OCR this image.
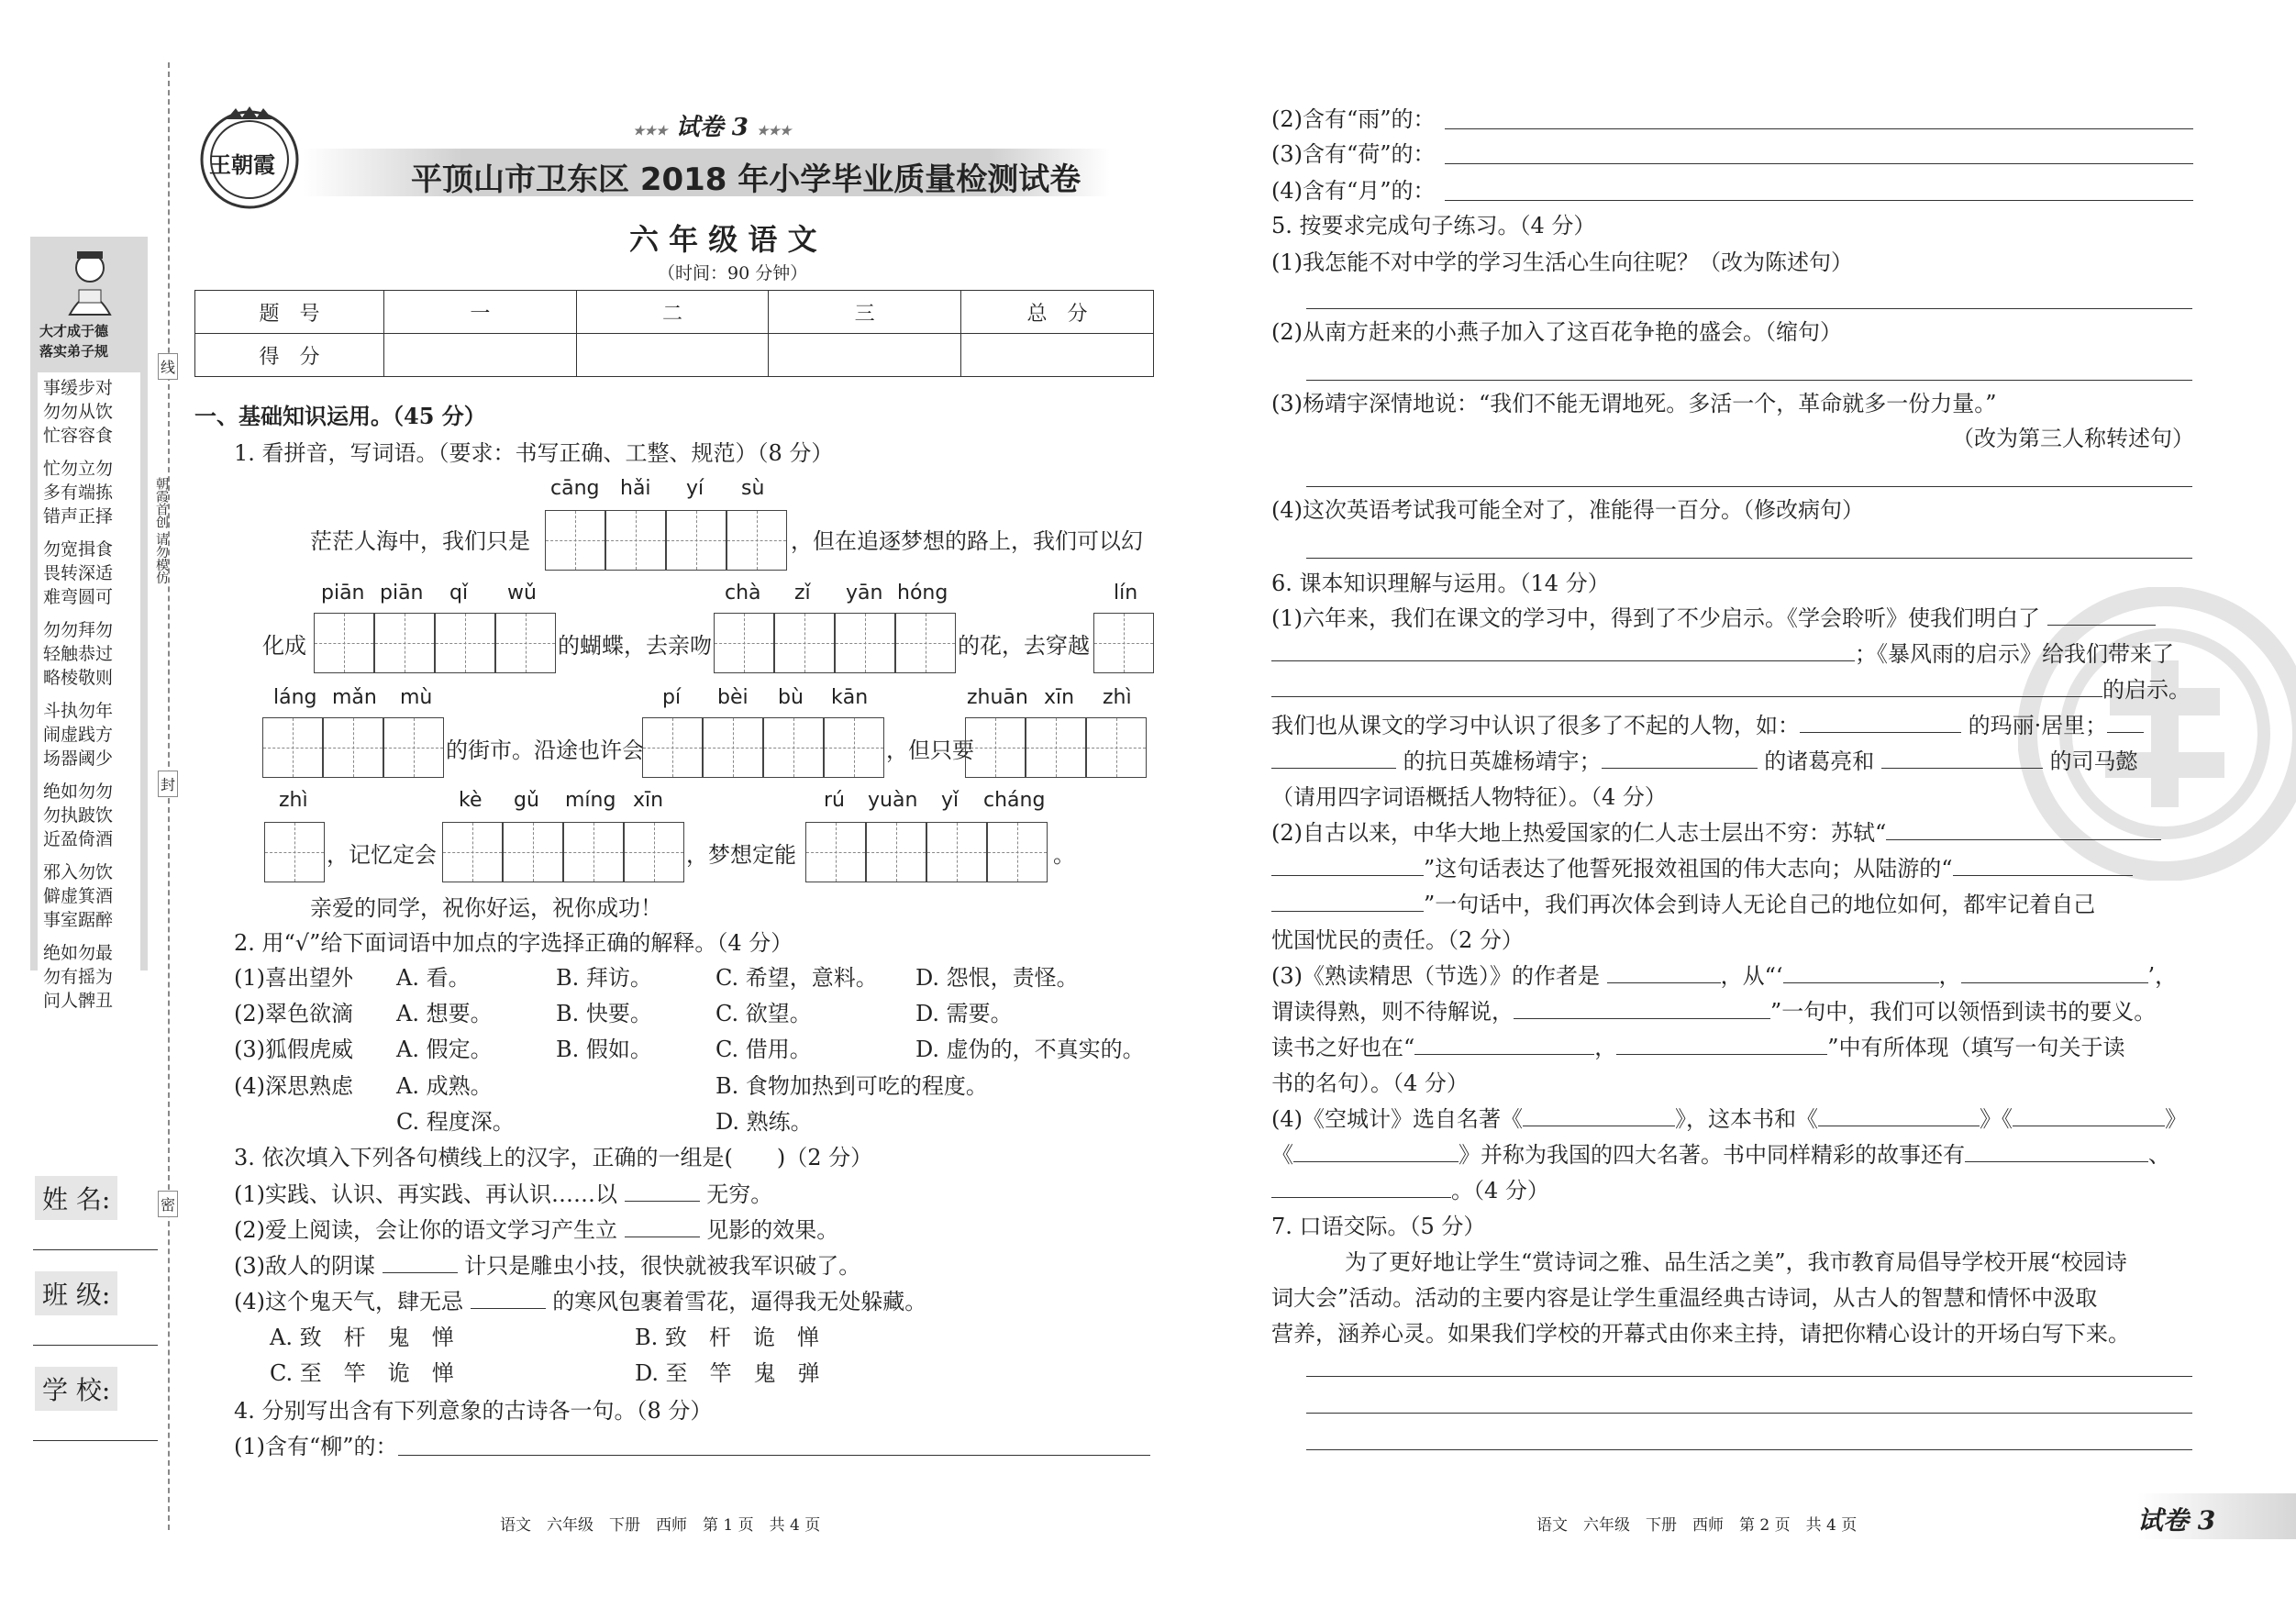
线
封
密
大才成于德
落实弟子规
事缓步对
勿勿从饮
忙容容食
忙勿立勿
多有端拣
错声正择
勿宽揖食
畏转深适
难弯圆可
勿勿拜勿
轻触恭过
略棱敬则
斗执勿年
闹虚践方
场器阈少
绝如勿勿
勿执跛饮
近盈倚酒
邪入勿饮
僻虚箕酒
事室踞醉
绝如勿最
勿有摇为
问人髀丑
朝霞首创 请勿模仿
姓 名:
班 级:
学 校:
王朝霞
★★★ 试卷 3 ★★★
平顶山市卫东区 2018 年小学毕业质量检测试卷
六 年 级 语 文
（时间：90 分钟）
题　号	一	二	三	总　分
得　分				
一、基础知识运用。（45 分）
1. 看拼音，写词语。（要求：书写正确、工整、规范）（8 分）
cāng hǎi yí sù
茫茫人海中，我们只是	，但在追逐梦想的路上，我们可以幻
piān piān qǐ wǔ	chà zǐ yān hóng	lín
化成	的蝴蝶，去亲吻	的花，去穿越
láng mǎn mù	pí bèi bù kān	zhuān xīn zhì
的街市。沿途也许会	，但只要
zhì	kè gǔ míng xīn	rú yuàn yǐ cháng
，记忆定会	，梦想定能	。
亲爱的同学，祝你好运，祝你成功！
2. 用“√”给下面词语中加点的字选择正确的解释。（4 分）
(1)喜出望外 A. 看。	B. 拜访。	C. 希望，意料。 D. 怨恨，责怪。
(2)翠色欲滴 A. 想要。	B. 快要。	C. 欲望。	D. 需要。
(3)狐假虎威 A. 假定。	B. 假如。	C. 借用。	D. 虚伪的，不真实的。
(4)深思熟虑 A. 成熟。	B. 食物加热到可吃的程度。
C. 程度深。	D. 熟练。
3. 依次填入下列各句横线上的汉字，正确的一组是(　　)（2 分）
(1)实践、认识、再实践、再认识……以	无穷。
(2)爱上阅读，会让你的语文学习产生立	见影的效果。
(3)敌人的阴谋	计只是雕虫小技，很快就被我军识破了。
(4)这个鬼天气，肆无忌	的寒风包裹着雪花，逼得我无处躲藏。
A. 致　杆　鬼　惮	B. 致　杆　诡　惮
C. 至　竿　诡　惮	D. 至　竿　鬼　弹
4. 分别写出含有下列意象的古诗各一句。（8 分）
(1)含有“柳”的：
语文　六年级　下册　西师　第 1 页　共 4 页
(2)含有“雨”的：
(3)含有“荷”的：
(4)含有“月”的：
5. 按要求完成句子练习。（4 分）
(1)我怎能不对中学的学习生活心生向往呢？（改为陈述句）
(2)从南方赶来的小燕子加入了这百花争艳的盛会。（缩句）
(3)杨靖宇深情地说：“我们不能无谓地死。多活一个，革命就多一份力量。”
（改为第三人称转述句）
(4)这次英语考试我可能全对了，准能得一百分。（修改病句）
6. 课本知识理解与运用。（14 分）
(1)六年来，我们在课文的学习中，得到了不少启示。《学会聆听》使我们明白了
；《暴风雨的启示》给我们带来了
的启示。
我们也从课文的学习中认识了很多了不起的人物，如：	的玛丽·居里；
的抗日英雄杨靖宇；	的诸葛亮和	的司马懿
（请用四字词语概括人物特征）。（4 分）
(2)自古以来，中华大地上热爱国家的仁人志士层出不穷：苏轼“
”这句话表达了他誓死报效祖国的伟大志向；从陆游的“
”一句话中，我们再次体会到诗人无论自己的地位如何，都牢记着自己
忧国忧民的责任。（2 分）
(3)《熟读精思（节选）》的作者是	，从“‘	，	’，
谓读得熟，则不待解说，	”一句中，我们可以领悟到读书的要义。
读书之好也在“	，	”中有所体现（填写一句关于读
书的名句）。（4 分）
(4)《空城计》选自名著《	》，这本书和《	》《	》
《	》并称为我国的四大名著。书中同样精彩的故事还有	、
。（4 分）
7. 口语交际。（5 分）
为了更好地让学生“赏诗词之雅、品生活之美”，我市教育局倡导学校开展“校园诗
词大会”活动。活动的主要内容是让学生重温经典古诗词，从古人的智慧和情怀中汲取
营养，涵养心灵。如果我们学校的开幕式由你来主持，请把你精心设计的开场白写下来。
语文　六年级　下册　西师　第 2 页　共 4 页	试卷 3
